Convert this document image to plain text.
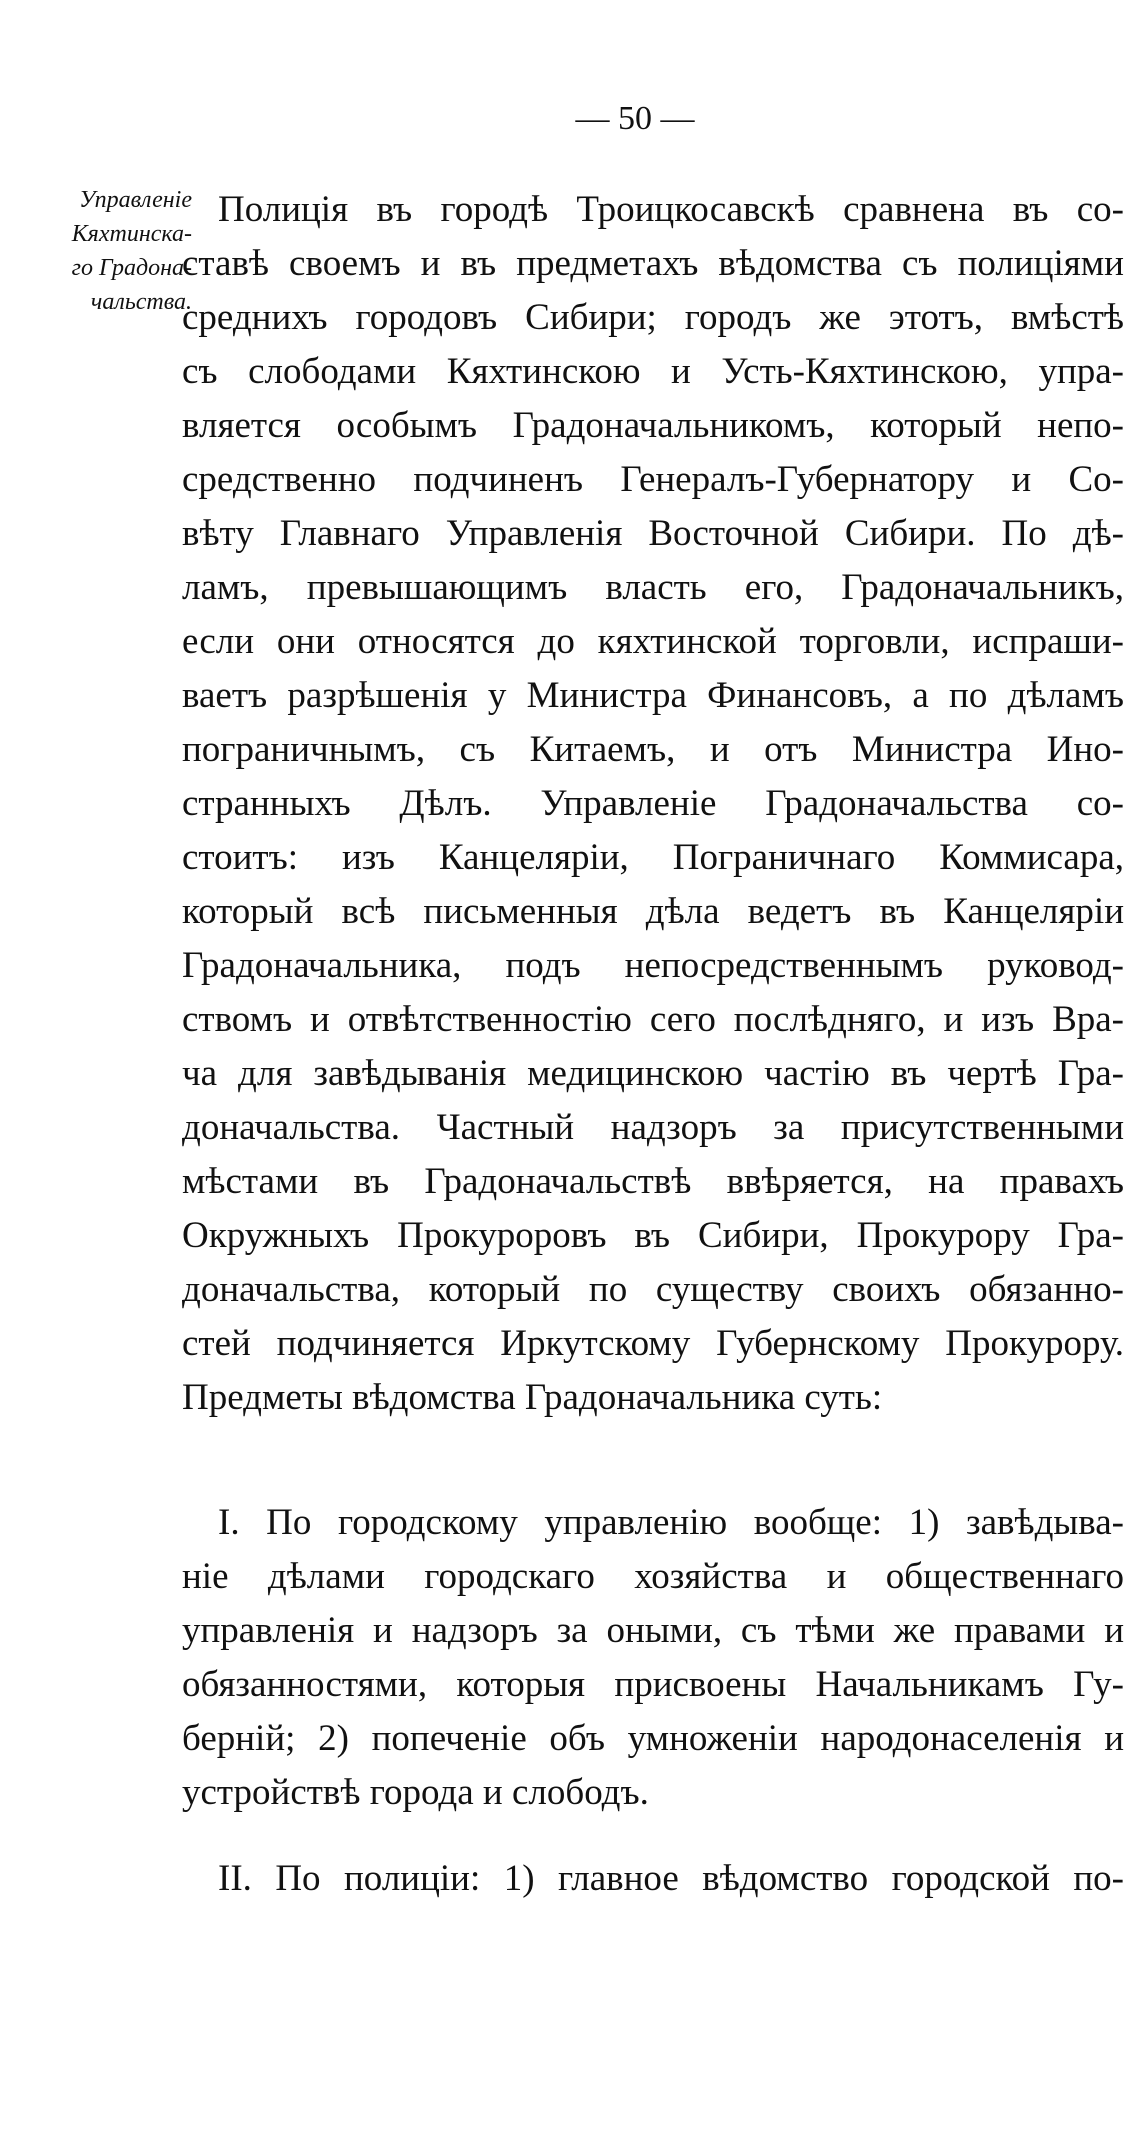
— 50 —
Управленіе
Кяхтинска-
го Градона-
чальства.
Полиція въ городѣ Троицкосавскѣ сравнена въ со-
ставѣ своемъ и въ предметахъ вѣдомства съ полиціями
среднихъ городовъ Сибири; городъ же этотъ, вмѣстѣ
съ слободами Кяхтинскою и Усть-Кяхтинскою, упра-
вляется особымъ Градоначальникомъ, который непо-
средственно подчиненъ Генералъ-Губернатору и Со-
вѣту Главнаго Управленія Восточной Сибири. По дѣ-
ламъ, превышающимъ власть его, Градоначальникъ,
если они относятся до кяхтинской торговли, испраши-
ваетъ разрѣшенія у Министра Финансовъ, а по дѣламъ
пограничнымъ, съ Китаемъ, и отъ Министра Ино-
странныхъ Дѣлъ. Управленіе Градоначальства со-
стоитъ: изъ Канцеляріи, Пограничнаго Коммисара,
который всѣ письменныя дѣла ведетъ въ Канцеляріи
Градоначальника, подъ непосредственнымъ руковод-
ствомъ и отвѣтственностію сего послѣдняго, и изъ Вра-
ча для завѣдыванія медицинскою частію въ чертѣ Гра-
доначальства. Частный надзоръ за присутственными
мѣстами въ Градоначальствѣ ввѣряется, на правахъ
Окружныхъ Прокуроровъ въ Сибири, Прокурору Гра-
доначальства, который по существу своихъ обязанно-
стей подчиняется Иркутскому Губернскому Прокурору.
Предметы вѣдомства Градоначальника суть:
I. По городскому управленію вообще: 1) завѣдыва-
ніе дѣлами городскаго хозяйства и общественнаго
управленія и надзоръ за оными, съ тѣми же правами и
обязанностями, которыя присвоены Начальникамъ Гу-
берній; 2) попеченіе объ умноженіи народонаселенія и
устройствѣ города и слободъ.
II. По полиціи: 1) главное вѣдомство городской по-
